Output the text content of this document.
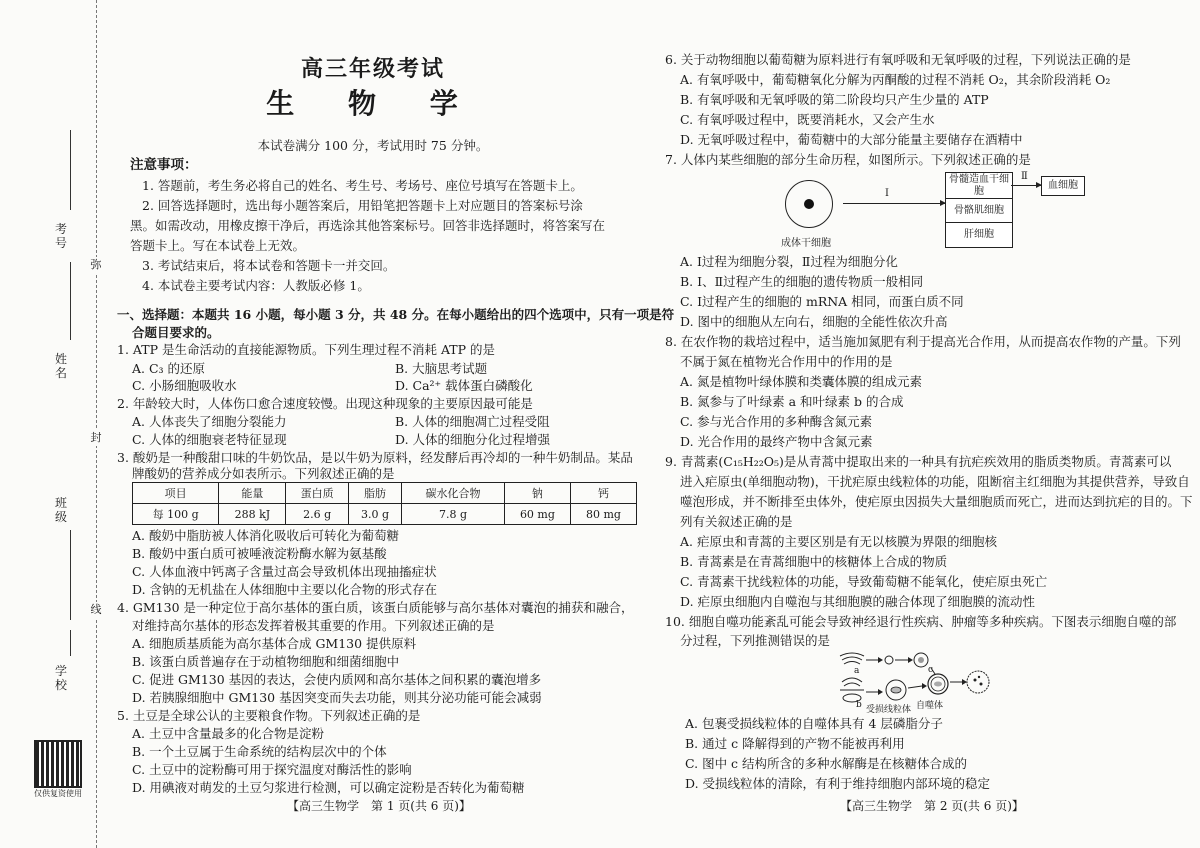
考号
姓名
班级
学校
弥
封
线
仅供复资使用
高三年级考试
生 物 学
本试卷满分 100 分，考试用时 75 分钟。
注意事项：
1. 答题前，考生务必将自己的姓名、考生号、考场号、座位号填写在答题卡上。
2. 回答选择题时，选出每小题答案后，用铅笔把答题卡上对应题目的答案标号涂
黑。如需改动，用橡皮擦干净后，再选涂其他答案标号。回答非选择题时，将答案写在
答题卡上。写在本试卷上无效。
3. 考试结束后，将本试卷和答题卡一并交回。
4. 本试卷主要考试内容：人教版必修 1。
一、选择题：本题共 16 小题，每小题 3 分，共 48 分。在每小题给出的四个选项中，只有一项是符
合题目要求的。
1. ATP 是生命活动的直接能源物质。下列生理过程不消耗 ATP 的是
A. C₃ 的还原	B. 大脑思考试题
C. 小肠细胞吸收水	D. Ca²⁺ 载体蛋白磷酸化
2. 年龄较大时，人体伤口愈合速度较慢。出现这种现象的主要原因最可能是
A. 人体丧失了细胞分裂能力	B. 人体的细胞凋亡过程受阻
C. 人体的细胞衰老特征显现	D. 人体的细胞分化过程增强
3. 酸奶是一种酸甜口味的牛奶饮品，是以牛奶为原料，经发酵后再冷却的一种牛奶制品。某品
牌酸奶的营养成分如表所示。下列叙述正确的是
项目	能量	蛋白质	脂肪	碳水化合物	钠	钙
每 100 g	288 kJ	2.6 g	3.0 g	7.8 g	60 mg	80 mg
A. 酸奶中脂肪被人体消化吸收后可转化为葡萄糖
B. 酸奶中蛋白质可被唾液淀粉酶水解为氨基酸
C. 人体血液中钙离子含量过高会导致机体出现抽搐症状
D. 含钠的无机盐在人体细胞中主要以化合物的形式存在
4. GM130 是一种定位于高尔基体的蛋白质，该蛋白质能够与高尔基体对囊泡的捕获和融合，
对维持高尔基体的形态发挥着极其重要的作用。下列叙述正确的是
A. 细胞质基质能为高尔基体合成 GM130 提供原料
B. 该蛋白质普遍存在于动植物细胞和细菌细胞中
C. 促进 GM130 基因的表达，会使内质网和高尔基体之间积累的囊泡增多
D. 若胰腺细胞中 GM130 基因突变而失去功能，则其分泌功能可能会减弱
5. 土豆是全球公认的主要粮食作物。下列叙述正确的是
A. 土豆中含量最多的化合物是淀粉
B. 一个土豆属于生命系统的结构层次中的个体
C. 土豆中的淀粉酶可用于探究温度对酶活性的影响
D. 用碘液对萌发的土豆匀浆进行检测，可以确定淀粉是否转化为葡萄糖
【高三生物学　第 1 页(共 6 页)】
6. 关于动物细胞以葡萄糖为原料进行有氧呼吸和无氧呼吸的过程，下列说法正确的是
A. 有氧呼吸中，葡萄糖氧化分解为丙酮酸的过程不消耗 O₂，其余阶段消耗 O₂
B. 有氧呼吸和无氧呼吸的第二阶段均只产生少量的 ATP
C. 有氧呼吸过程中，既要消耗水，又会产生水
D. 无氧呼吸过程中，葡萄糖中的大部分能量主要储存在酒精中
7. 人体内某些细胞的部分生命历程，如图所示。下列叙述正确的是
成体干细胞
Ⅰ
骨髓造血干细胞
骨骼肌细胞
肝细胞
Ⅱ
血细胞
A. Ⅰ过程为细胞分裂，Ⅱ过程为细胞分化
B. Ⅰ、Ⅱ过程产生的细胞的遗传物质一般相同
C. Ⅰ过程产生的细胞的 mRNA 相同，而蛋白质不同
D. 图中的细胞从左向右，细胞的全能性依次升高
8. 在农作物的栽培过程中，适当施加氮肥有利于提高光合作用，从而提高农作物的产量。下列
不属于氮在植物光合作用中的作用的是
A. 氮是植物叶绿体膜和类囊体膜的组成元素
B. 氮参与了叶绿素 a 和叶绿素 b 的合成
C. 参与光合作用的多种酶含氮元素
D. 光合作用的最终产物中含氮元素
9. 青蒿素(C₁₅H₂₂O₅)是从青蒿中提取出来的一种具有抗疟疾效用的脂质类物质。青蒿素可以
进入疟原虫(单细胞动物)，干扰疟原虫线粒体的功能，阻断宿主红细胞为其提供营养，导致自
噬泡形成，并不断排至虫体外，使疟原虫因损失大量细胞质而死亡，进而达到抗疟的目的。下
列有关叙述正确的是
A. 疟原虫和青蒿的主要区别是有无以核膜为界限的细胞核
B. 青蒿素是在青蒿细胞中的核糖体上合成的物质
C. 青蒿素干扰线粒体的功能，导致葡萄糖不能氧化，使疟原虫死亡
D. 疟原虫细胞内自噬泡与其细胞膜的融合体现了细胞膜的流动性
10. 细胞自噬功能紊乱可能会导致神经退行性疾病、肿瘤等多种疾病。下图表示细胞自噬的部
分过程，下列推测错误的是
c
a
b	自噬体
受损线粒体
A. 包裹受损线粒体的自噬体具有 4 层磷脂分子
B. 通过 c 降解得到的产物不能被再利用
C. 图中 c 结构所含的多种水解酶是在核糖体合成的
D. 受损线粒体的清除，有利于维持细胞内部环境的稳定
【高三生物学　第 2 页(共 6 页)】
